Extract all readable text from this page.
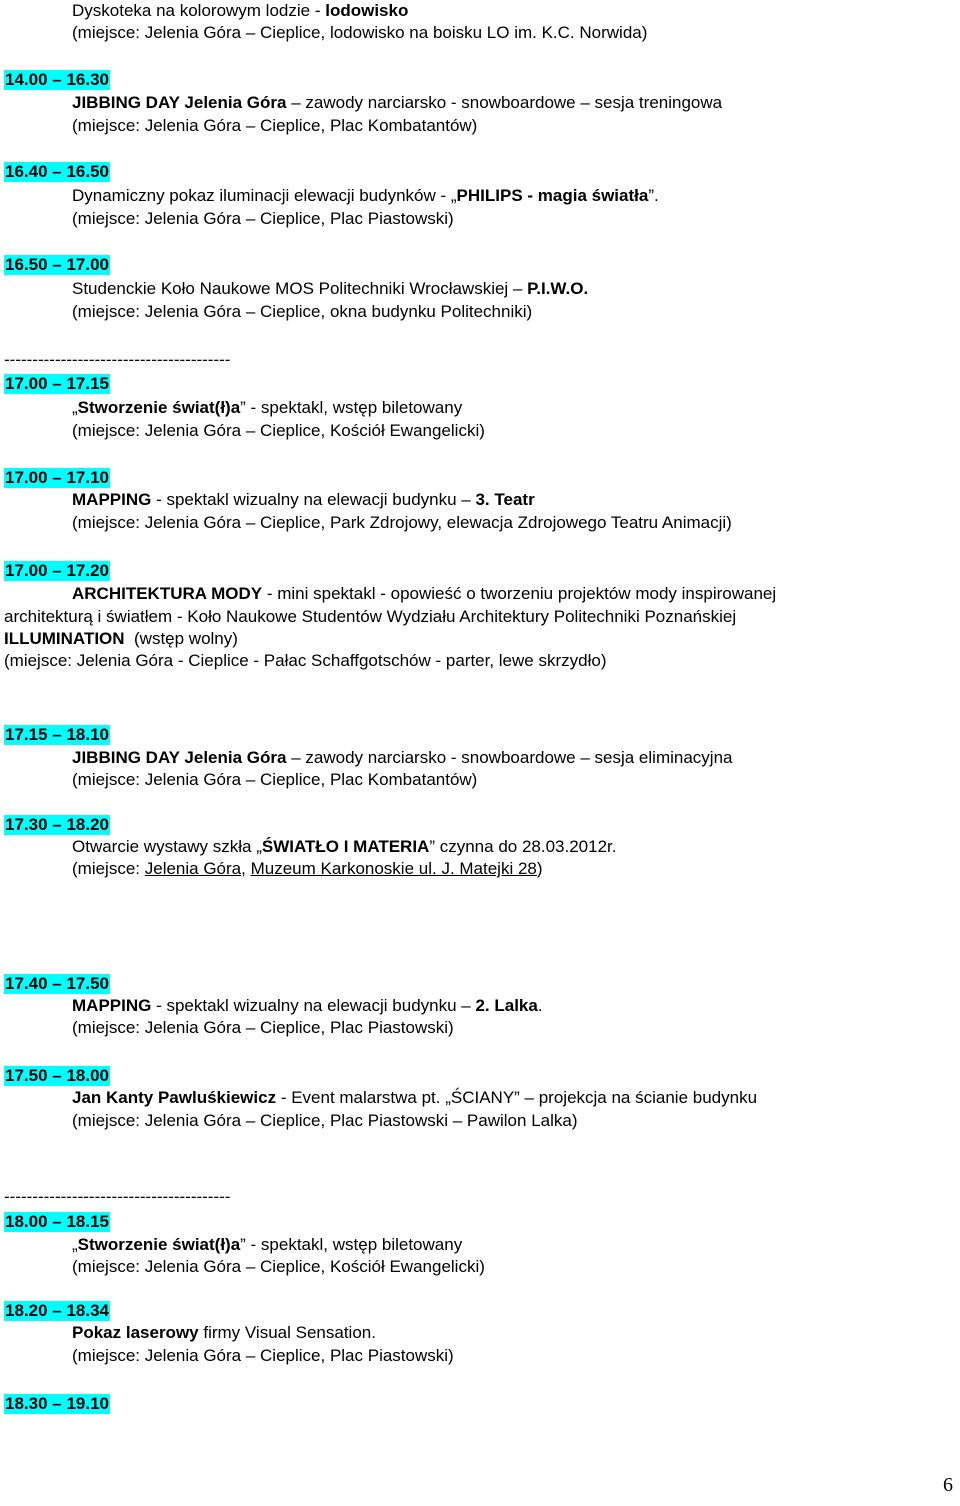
Dyskoteka na kolorowym lodzie - lodowisko
(miejsce: Jelenia Góra – Cieplice, lodowisko na boisku LO im. K.C. Norwida)
14.00 – 16.30
JIBBING DAY Jelenia Góra – zawody narciarsko - snowboardowe – sesja treningowa
(miejsce: Jelenia Góra – Cieplice, Plac Kombatantów)
16.40 – 16.50
Dynamiczny pokaz iluminacji elewacji budynków - „PHILIPS - magia światła”.
(miejsce: Jelenia Góra – Cieplice, Plac Piastowski)
16.50 – 17.00
Studenckie Koło Naukowe MOS Politechniki Wrocławskiej – P.I.W.O.
(miejsce: Jelenia Góra – Cieplice, okna budynku Politechniki)
----------------------------------------
17.00 – 17.15
„Stworzenie świat(ł)a” - spektakl, wstęp biletowany
(miejsce: Jelenia Góra – Cieplice, Kościół Ewangelicki)
17.00 – 17.10
MAPPING - spektakl wizualny na elewacji budynku – 3. Teatr
(miejsce: Jelenia Góra – Cieplice, Park Zdrojowy, elewacja Zdrojowego Teatru Animacji)
17.00 – 17.20
ARCHITEKTURA MODY - mini spektakl - opowieść o tworzeniu projektów mody inspirowanej
architekturą i światłem - Koło Naukowe Studentów Wydziału Architektury Politechniki Poznańskiej
ILLUMINATION  (wstęp wolny)
(miejsce: Jelenia Góra - Cieplice - Pałac Schaffgotschów - parter, lewe skrzydło)
17.15 – 18.10
JIBBING DAY Jelenia Góra – zawody narciarsko - snowboardowe – sesja eliminacyjna
(miejsce: Jelenia Góra – Cieplice, Plac Kombatantów)
17.30 – 18.20
Otwarcie wystawy szkła „ŚWIATŁO I MATERIA” czynna do 28.03.2012r.
(miejsce: Jelenia Góra, Muzeum Karkonoskie ul. J. Matejki 28)
17.40 – 17.50
MAPPING - spektakl wizualny na elewacji budynku – 2. Lalka.
(miejsce: Jelenia Góra – Cieplice, Plac Piastowski)
17.50 – 18.00
Jan Kanty Pawluśkiewicz - Event malarstwa pt. „ŚCIANY” – projekcja na ścianie budynku
(miejsce: Jelenia Góra – Cieplice, Plac Piastowski – Pawilon Lalka)
----------------------------------------
18.00 – 18.15
„Stworzenie świat(ł)a” - spektakl, wstęp biletowany
(miejsce: Jelenia Góra – Cieplice, Kościół Ewangelicki)
18.20 – 18.34
Pokaz laserowy firmy Visual Sensation.
(miejsce: Jelenia Góra – Cieplice, Plac Piastowski)
18.30 – 19.10
6
